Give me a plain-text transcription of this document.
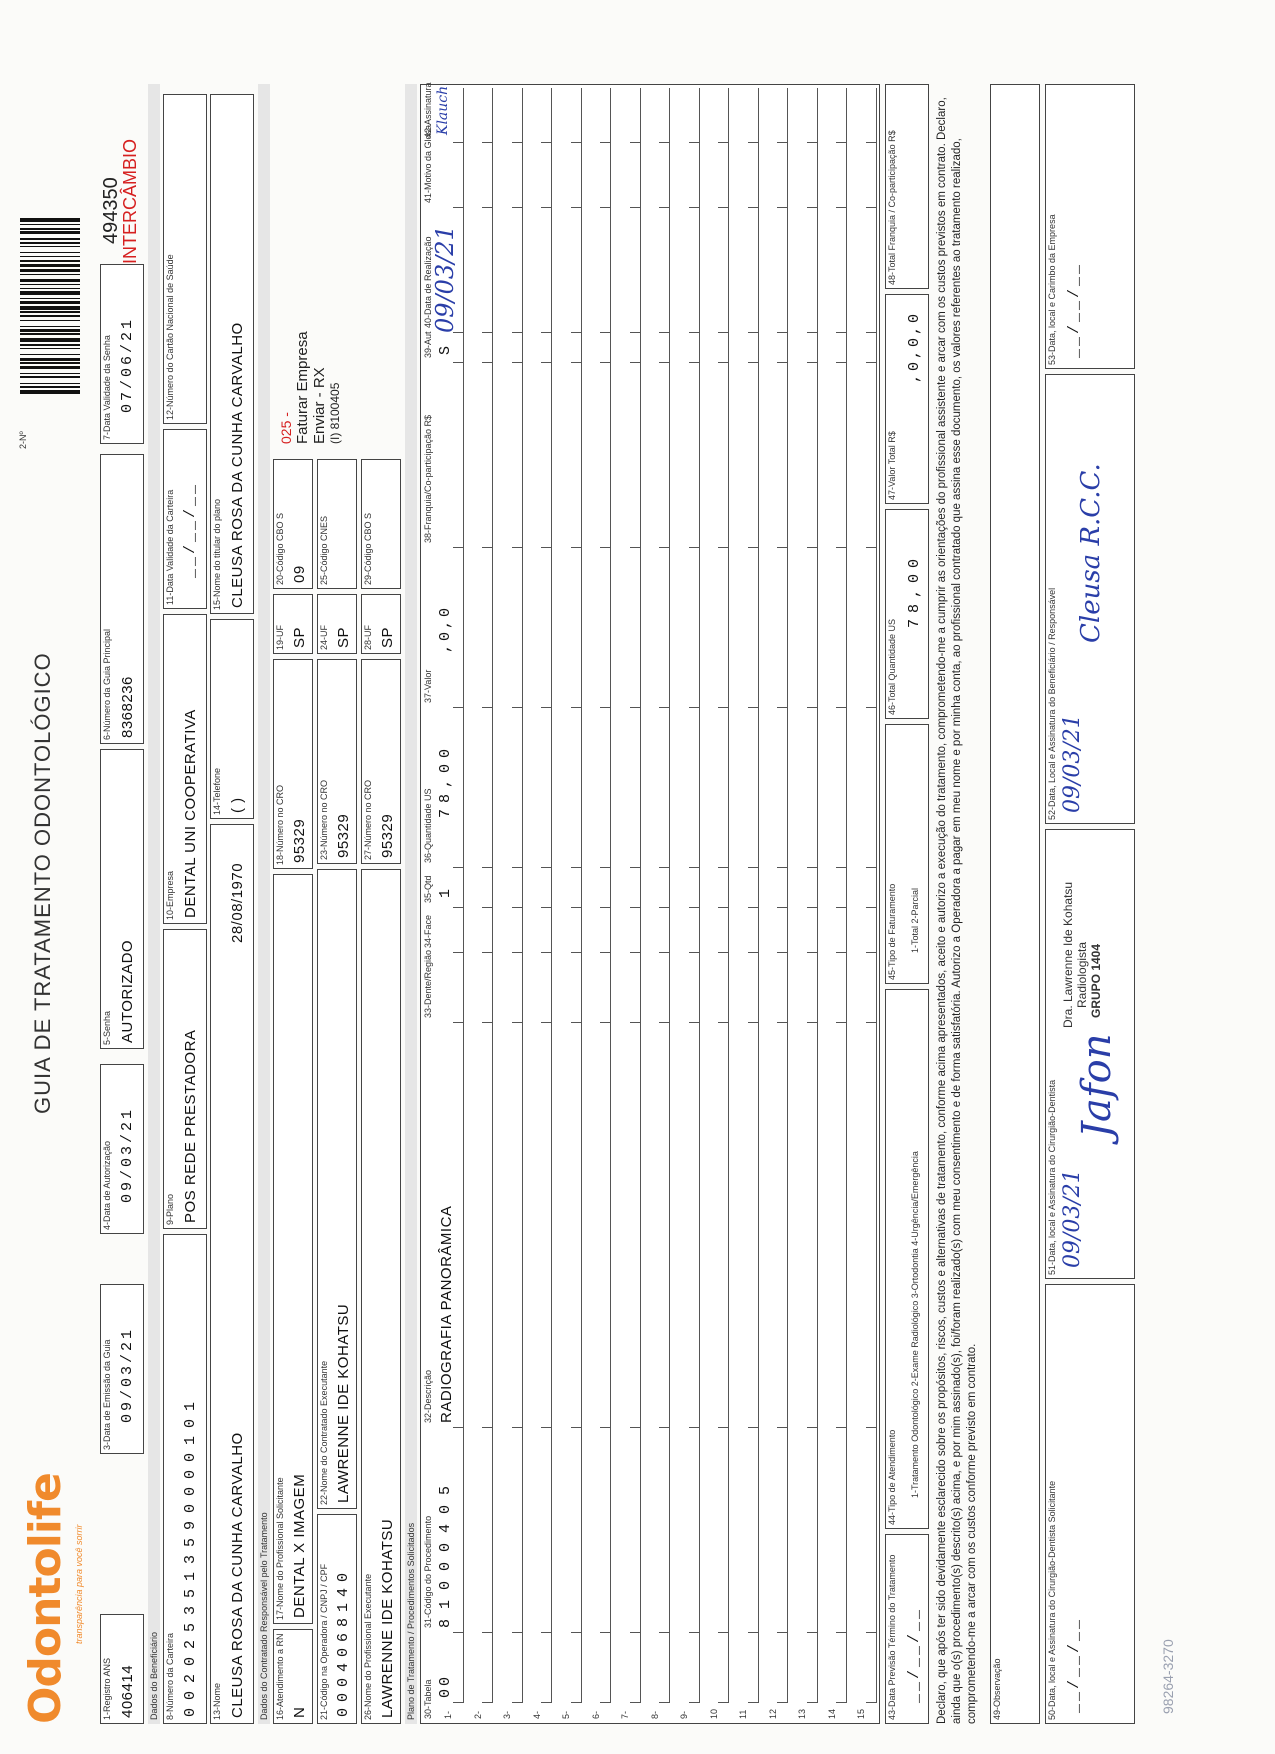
Odontolife transparência para você sorrir
GUIA DE TRATAMENTO ODONTOLÓGICO
2-Nº
494350
INTERCÂMBIO
1-Registro ANS 406414
3-Data de Emissão da Guia 09/03/21
4-Data de Autorização 09/03/21
5-Senha AUTORIZADO
6-Número da Guia Principal 8368236
7-Data Validade da Senha 07/06/21
Dados do Beneficiário 8-Número da Carteira 0020253513590000101
9-Plano POS REDE PRESTADORA
10-Empresa DENTAL UNI COOPERATIVA
11-Data Validade da Carteira __/__/__
12-Número do Cartão Nacional de Saúde
13-Nome CLEUSA ROSA DA CUNHA CARVALHO
28/08/1970
14-Telefone ( )
15-Nome do titular do plano CLEUSA ROSA DA CUNHA CARVALHO
Dados do Contratado Responsável pelo Tratamento 16-Atendimento a RN N
17-Nome do Profissional Solicitante DENTAL X IMAGEM
18-Número no CRO 95329
19-UF SP
20-Código CBO S 09
21-Código na Operadora / CNPJ / CPF 0004068140
22-Nome do Contratado Executante LAWRENNE IDE KOHATSU
23-Número no CRO 95329
24-UF SP
25-Código CNES
26-Nome do Profissional Executante LAWRENNE IDE KOHATSU
27-Número no CRO 95329
28-UF SP
29-Código CBO S
025 - Faturar Empresa Enviar - RX (I) 8100405
Plano de Tratamento / Procedimentos Solicitados 30-Tabela
31-Código do Procedimento
32-Descrição
33-Dente/Região
34-Face
35-Qtd
36-Quantidade US
37-Valor
38-Franquia/Co-participação R$
39-Aut
40-Data de Realização
41-Motivo da Glosa
42-Assinatura
1- 2- 3- 4- 5- 6- 7- 8- 9- 10 11 12 13 14 15
00
81000405
RADIOGRAFIA PANORÂMICA
1
78,00
,0,0
S
09/03/21
Klauch
43-Data Previsão Término do Tratamento __/__/__
44-Tipo de Atendimento 1-Tratamento Odontológico 2-Exame Radiológico 3-Ortodontia 4-Urgência/Emergência
45-Tipo de Faturamento 1-Total 2-Parcial
46-Total Quantidade US
78,00
47-Valor Total R$
,0,0,0
48-Total Franquia / Co-participação R$	Declaro, que após ter sido devidamente esclarecido sobre os propósitos, riscos, custos e alternativas de tratamento, conforme acima apresentados, aceito e autorizo a execução do tratamento, comprometendo-me a cumprir as orientações do profissional assistente e arcar com os custos previstos em contrato. Declaro, ainda que o(s) procedimento(s) descrito(s) acima, e por mim assinado(s), foi/foram realizado(s) com meu consentimento e de forma satisfatória. Autorizo a Operadora a pagar em meu nome e por minha conta, ao profissional contratado que assina esse documento, os valores referentes ao tratamento realizado, comprometendo-me a arcar com os custos conforme previsto em contrato. 49-Observação	50-Data, local e Assinatura do Cirurgião-Dentista Solicitante __/__/__
51-Data, local e Assinatura do Cirurgião-Dentista 09/03/21
Jafon
Dra. Lawrenne Ide Kohatsu Radiologista GRUPO 1404
52-Data, Local e Assinatura do Beneficiário / Responsável 09/03/21
Cleusa R.C.C.
53-Data, local e Carimbo da Empresa __/__/__
98264-3270
